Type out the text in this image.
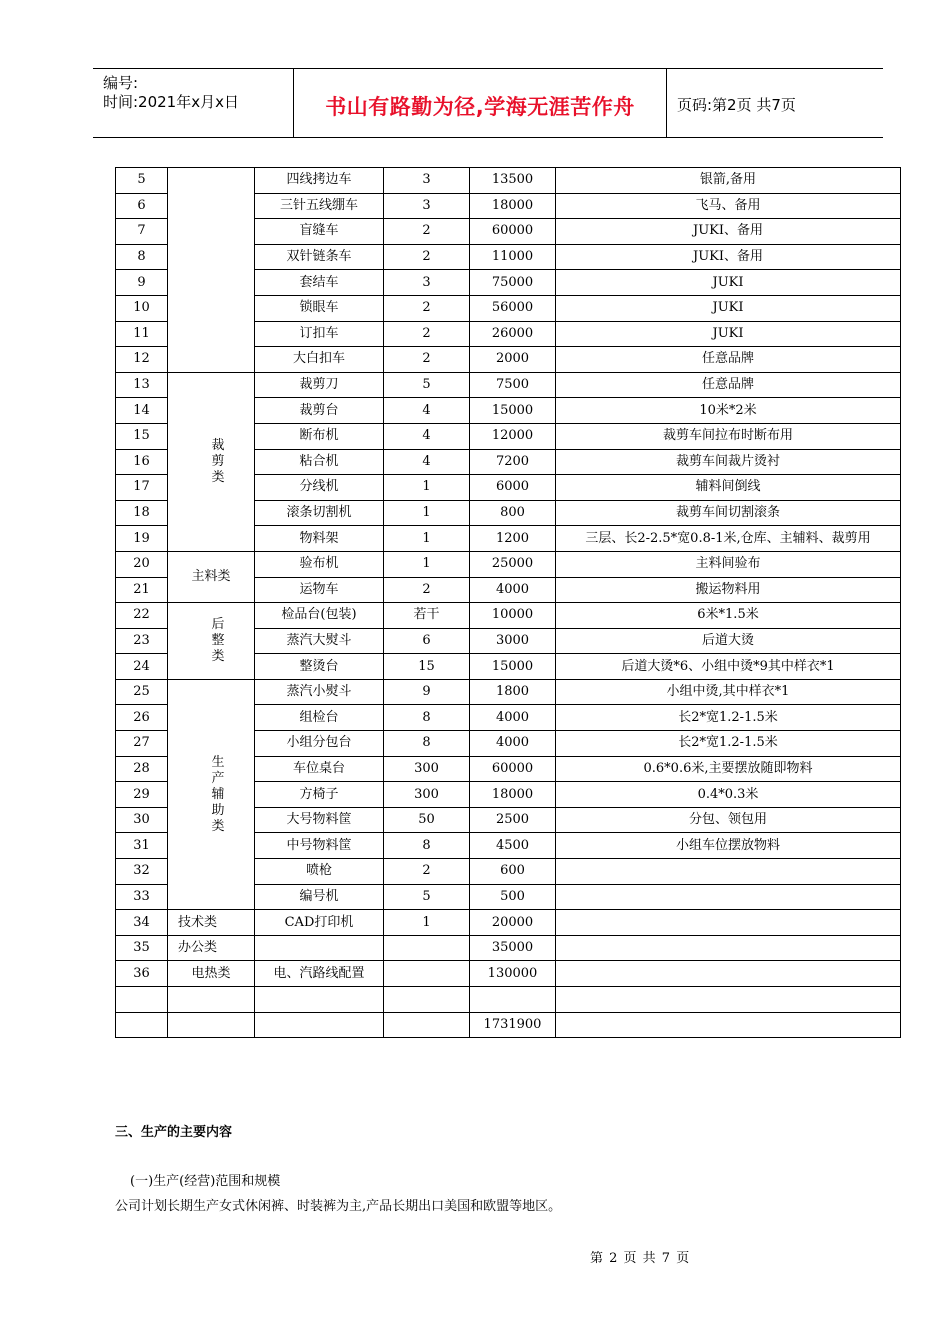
编号:
时间:2021年x月x日	书山有路勤为径,学海无涯苦作舟	页码:第2页 共7页
5		四线拷边车	3	13500	银箭,备用
6		三针五线绷车	3	18000	飞马、备用
7		盲缝车	2	60000	JUKI、备用
8		双针链条车	2	11000	JUKI、备用
9		套结车	3	75000	JUKI
10		锁眼车	2	56000	JUKI
11		订扣车	2	26000	JUKI
12		大白扣车	2	2000	任意品牌
13	裁剪类	裁剪刀	5	7500	任意品牌
14		裁剪台	4	15000	10米*2米
15		断布机	4	12000	裁剪车间拉布时断布用
16		粘合机	4	7200	裁剪车间裁片烫衬
17		分线机	1	6000	辅料间倒线
18		滚条切割机	1	800	裁剪车间切割滚条
19		物料架	1	1200	三层、长2-2.5*宽0.8-1米,仓库、主辅料、裁剪用
20	主料类	验布机	1	25000	主料间验布
21		运物车	2	4000	搬运物料用
22	后整类	检品台(包装)	若干	10000	6米*1.5米
23		蒸汽大熨斗	6	3000	后道大烫
24		整烫台	15	15000	后道大烫*6、小组中烫*9其中样衣*1
25	生产辅助类	蒸汽小熨斗	9	1800	小组中烫,其中样衣*1
26		组检台	8	4000	长2*宽1.2-1.5米
27		小组分包台	8	4000	长2*宽1.2-1.5米
28		车位桌台	300	60000	0.6*0.6米,主要摆放随即物料
29		方椅子	300	18000	0.4*0.3米
30		大号物料筐	50	2500	分包、领包用
31		中号物料筐	8	4500	小组车位摆放物料
32		喷枪	2	600	
33		编号机	5	500	
34	技术类	CAD打印机	1	20000	
35	办公类			35000	
36	电热类	电、汽路线配置		130000	

				1731900	
三、生产的主要内容
(一)生产(经营)范围和规模
公司计划长期生产女式休闲裤、时装裤为主,产品长期出口美国和欧盟等地区。
第 2 页 共 7 页
